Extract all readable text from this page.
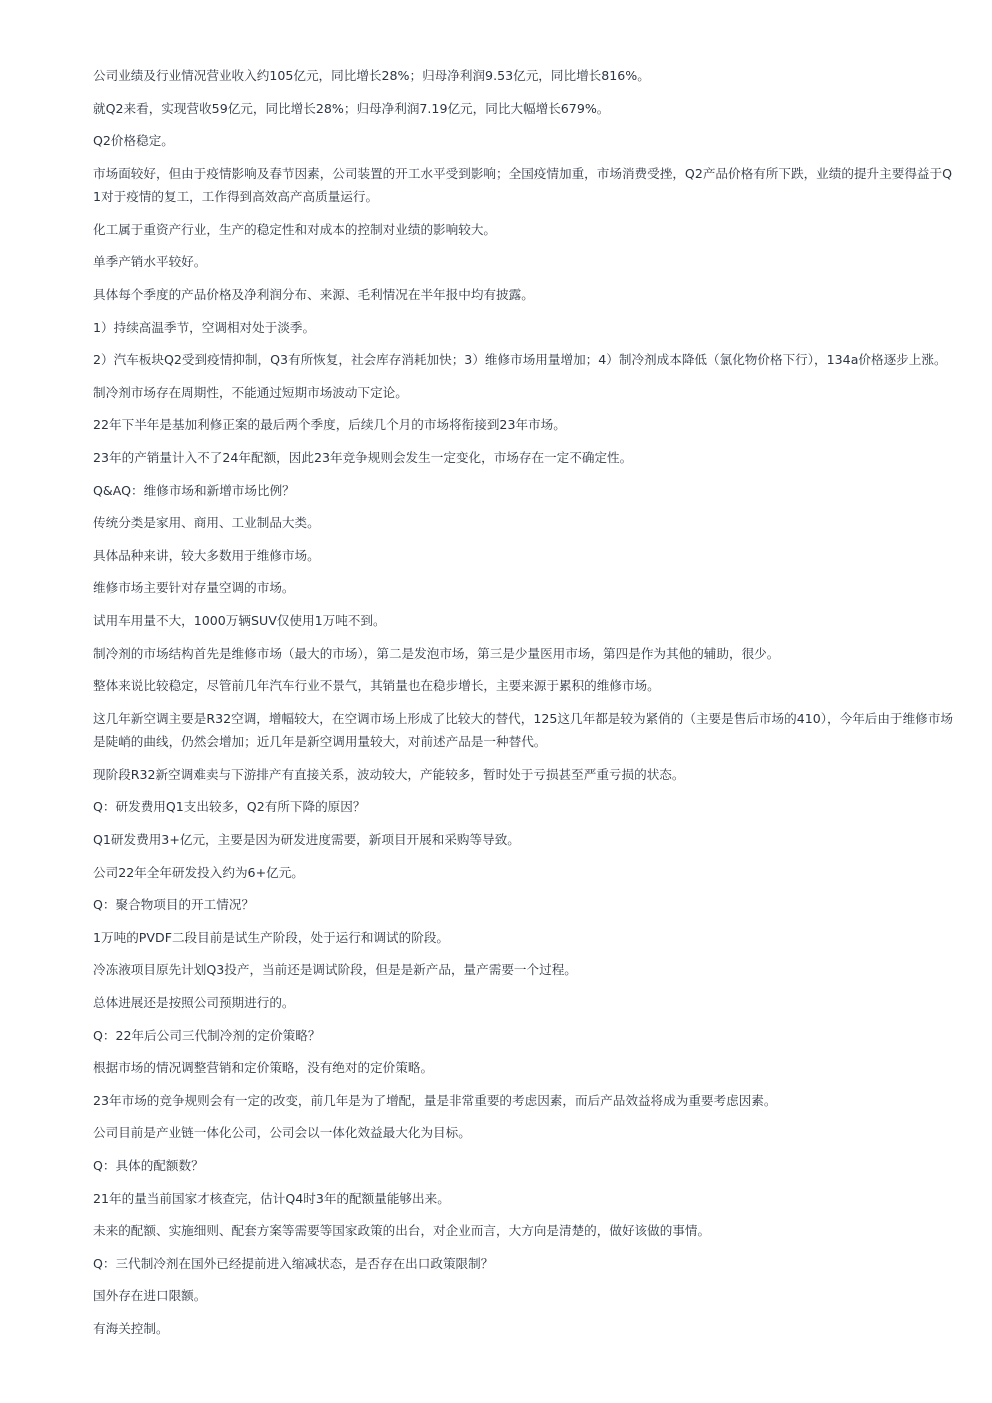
公司业绩及行业情况营业收入约105亿元，同比增长28%；归母净利润9.53亿元，同比增长816%。

就Q2来看，实现营收59亿元，同比增长28%；归母净利润7.19亿元，同比大幅增长679%。

Q2价格稳定。

市场面较好，但由于疫情影响及春节因素，公司装置的开工水平受到影响；全国疫情加重，市场消费受挫，Q2产品价格有所下跌，业绩的提升主要得益于Q1对于疫情的复工，工作得到高效高产高质量运行。

化工属于重资产行业，生产的稳定性和对成本的控制对业绩的影响较大。

单季产销水平较好。

具体每个季度的产品价格及净利润分布、来源、毛利情况在半年报中均有披露。

1）持续高温季节，空调相对处于淡季。

2）汽车板块Q2受到疫情抑制，Q3有所恢复，社会库存消耗加快；3）维修市场用量增加；4）制冷剂成本降低（氯化物价格下行），134a价格逐步上涨。

制冷剂市场存在周期性，不能通过短期市场波动下定论。

22年下半年是基加利修正案的最后两个季度，后续几个月的市场将衔接到23年市场。

23年的产销量计入不了24年配额，因此23年竞争规则会发生一定变化，市场存在一定不确定性。

Q&AQ：维修市场和新增市场比例？

传统分类是家用、商用、工业制品大类。

具体品种来讲，较大多数用于维修市场。

维修市场主要针对存量空调的市场。

试用车用量不大，1000万辆SUV仅使用1万吨不到。

制冷剂的市场结构首先是维修市场（最大的市场），第二是发泡市场，第三是少量医用市场，第四是作为其他的辅助，很少。

整体来说比较稳定，尽管前几年汽车行业不景气，其销量也在稳步增长，主要来源于累积的维修市场。

这几年新空调主要是R32空调，增幅较大，在空调市场上形成了比较大的替代，125这几年都是较为紧俏的（主要是售后市场的410），今年后由于维修市场是陡峭的曲线，仍然会增加；近几年是新空调用量较大，对前述产品是一种替代。

现阶段R32新空调难卖与下游排产有直接关系，波动较大，产能较多，暂时处于亏损甚至严重亏损的状态。

Q：研发费用Q1支出较多，Q2有所下降的原因？

Q1研发费用3+亿元，主要是因为研发进度需要，新项目开展和采购等导致。

公司22年全年研发投入约为6+亿元。

Q：聚合物项目的开工情况？

1万吨的PVDF二段目前是试生产阶段，处于运行和调试的阶段。

冷冻液项目原先计划Q3投产，当前还是调试阶段，但是是新产品，量产需要一个过程。

总体进展还是按照公司预期进行的。

Q：22年后公司三代制冷剂的定价策略？

根据市场的情况调整营销和定价策略，没有绝对的定价策略。

23年市场的竞争规则会有一定的改变，前几年是为了增配，量是非常重要的考虑因素，而后产品效益将成为重要考虑因素。

公司目前是产业链一体化公司，公司会以一体化效益最大化为目标。

Q：具体的配额数？

21年的量当前国家才核查完，估计Q4时3年的配额量能够出来。

未来的配额、实施细则、配套方案等需要等国家政策的出台，对企业而言，大方向是清楚的，做好该做的事情。

Q：三代制冷剂在国外已经提前进入缩减状态，是否存在出口政策限制？

国外存在进口限额。

有海关控制。
